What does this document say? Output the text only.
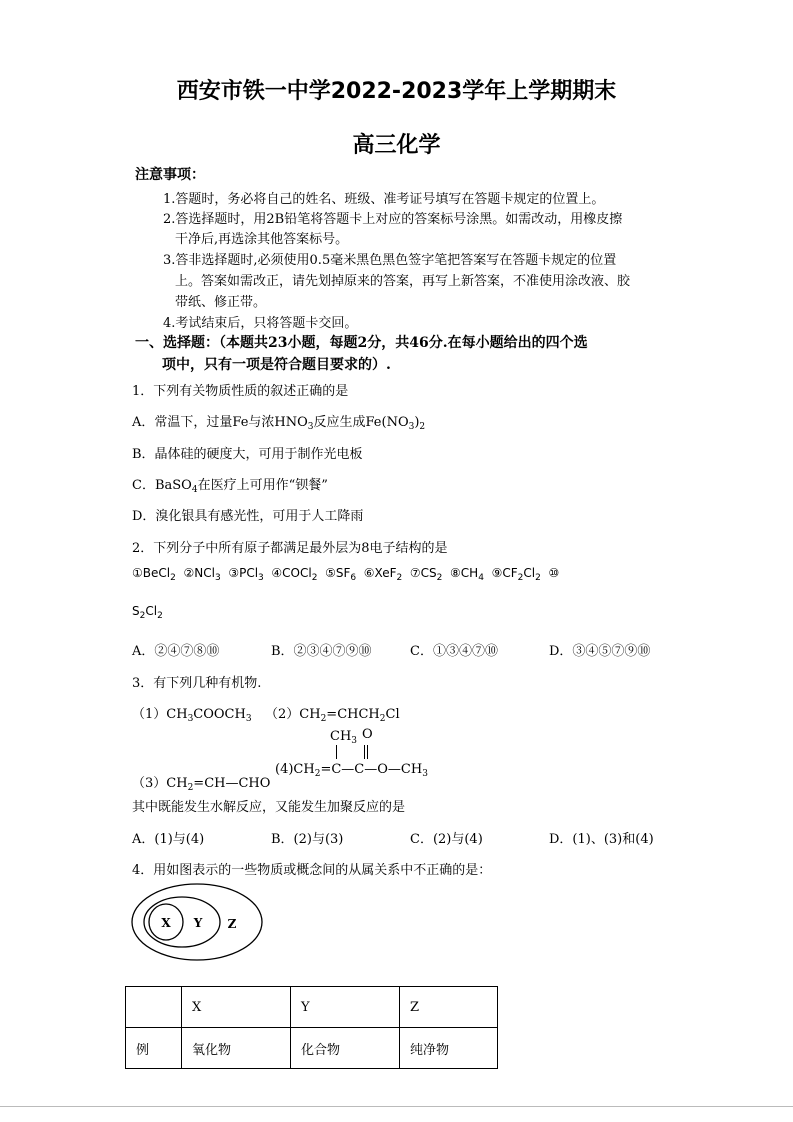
西安市铁一中学2022-2023学年上学期期末
高三化学
注意事项：
1.答题时，务必将自己的姓名、班级、准考证号填写在答题卡规定的位置上。
2.答选择题时，用2B铅笔将答题卡上对应的答案标号涂黑。如需改动，用橡皮擦
干净后,再选涂其他答案标号。
3.答非选择题时,必须使用0.5毫米黑色黑色签字笔把答案写在答题卡规定的位置
上。答案如需改正，请先划掉原来的答案，再写上新答案，不准使用涂改液、胶
带纸、修正带。
4.考试结束后，只将答题卡交回。
一、选择题：（本题共23小题，每题2分，共46分.在每小题给出的四个选
项中，只有一项是符合题目要求的）.
1．下列有关物质性质的叙述正确的是
A．常温下，过量Fe与浓$HNO_3$反应生成$Fe(NO_3)_2$
B．晶体硅的硬度大，可用于制作光电板
C．BaSO$_4$在医疗上可用作“钡餐”
D．溴化银具有感光性，可用于人工降雨
2．下列分子中所有原子都满足最外层为8电子结构的是
①BeCl$_2$ ②NCl$_3$ ③PCl$_3$ ④COCl$_2$ $⑤SF_6$ ⑥XeF$_2$ $⑦CS_2$ $⑧CH_4$ $⑨CF_2Cl_2$ ⑩
$S_2Cl_2$
A．②④⑦⑧⑩	B．②③④⑦⑨⑩	C．①③④⑦⑩	D．③④⑤⑦⑨⑩
3．有下列几种有机物.
$(1)CH_3COOCH_3$ $(2)CH_2=CHCH_2Cl$
$(3)CH_2=CH—CHO$
$CH_3$ O
$(4)CH_2=C—C—O—CH_3$
其中既能发生水解反应，又能发生加聚反应的是
A．(1)与(4)	B．(2)与(3)	C．(2)与(4)	D．(1)、(3)和(4)
4．用如图表示的一些物质或概念间的从属关系中不正确的是：
X Y Z
	X	Y	Z
例	氧化物	化合物	纯净物
